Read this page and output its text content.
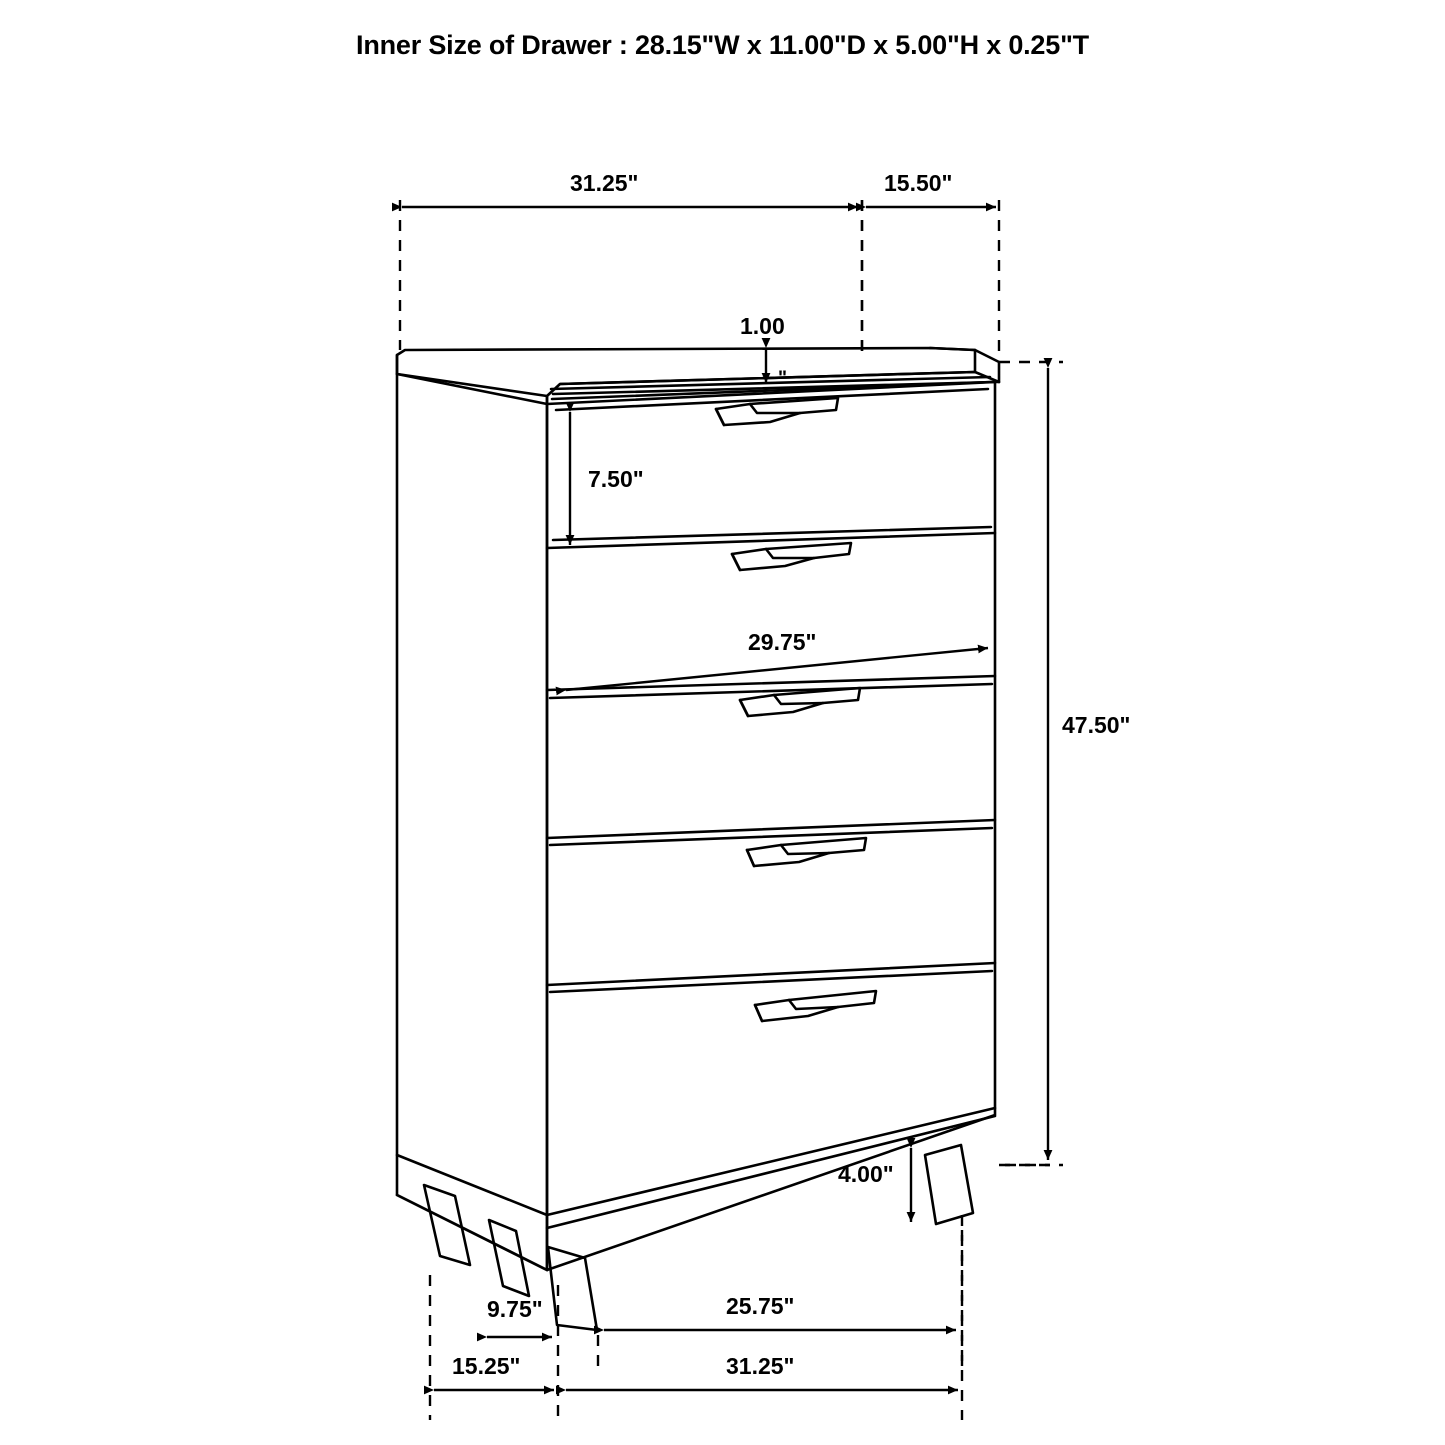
Inner Size of Drawer : 28.15"W x 11.00"D x 5.00"H x 0.25"T
31.25"	15.50"
1.00
"
7.50"
29.75"
47.50"
4.00"
9.75"	25.75"
15.25"	31.25"
